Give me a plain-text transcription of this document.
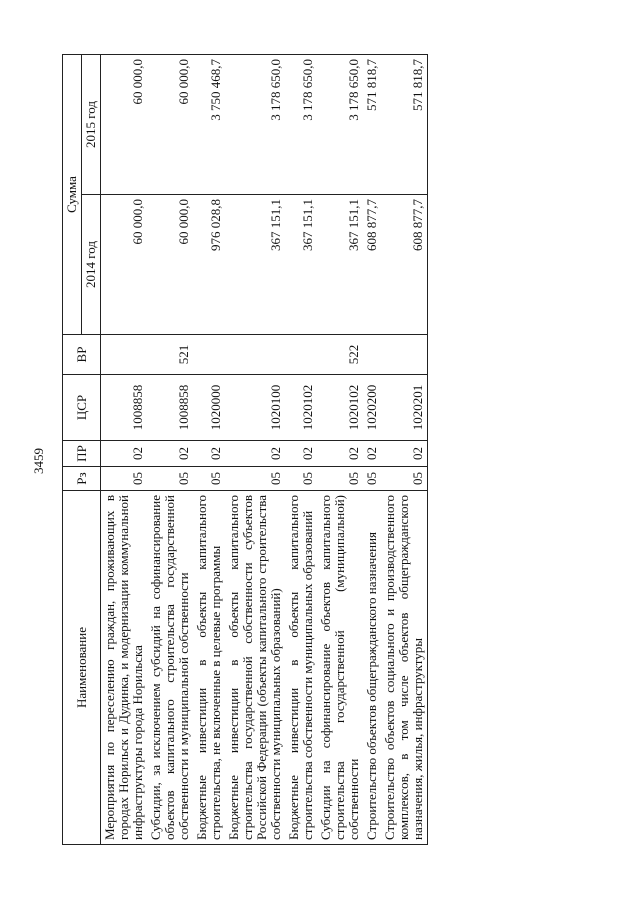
3459
Наименование	Рз	ПР	ЦСР	ВР	Сумма	
					2014 год	2015 год
Мероприятия по переселению граждан, проживающих в городах Норильск и Дудинка, и модернизации коммунальной инфраструктуры города Норильска	05	02	1008858		60 000,0	60 000,0
Субсидии, за исключением субсидий на софинансирование объектов капитального строительства государственной собственности и муниципальной собственности	05	02	1008858	521	60 000,0	60 000,0
Бюджетные инвестиции в объекты капитального строительства, не включенные в целевые программы	05	02	1020000		976 028,8	3 750 468,7
Бюджетные инвестиции в объекты капитального строительства государственной собственности субъектов Российской Федерации (объекты капитального строительства собственности муниципальных образований)	05	02	1020100		367 151,1	3 178 650,0
Бюджетные инвестиции в объекты капитального строительства собственности муниципальных образований	05	02	1020102		367 151,1	3 178 650,0
Субсидии на софинансирование объектов капитального строительства государственной (муниципальной) собственности	05	02	1020102	522	367 151,1	3 178 650,0
Строительство объектов общегражданского назначения	05	02	1020200		608 877,7	571 818,7
Строительство объектов социального и производственного комплексов, в том числе объектов общегражданского назначения, жилья, инфраструктуры	05	02	1020201		608 877,7	571 818,7
